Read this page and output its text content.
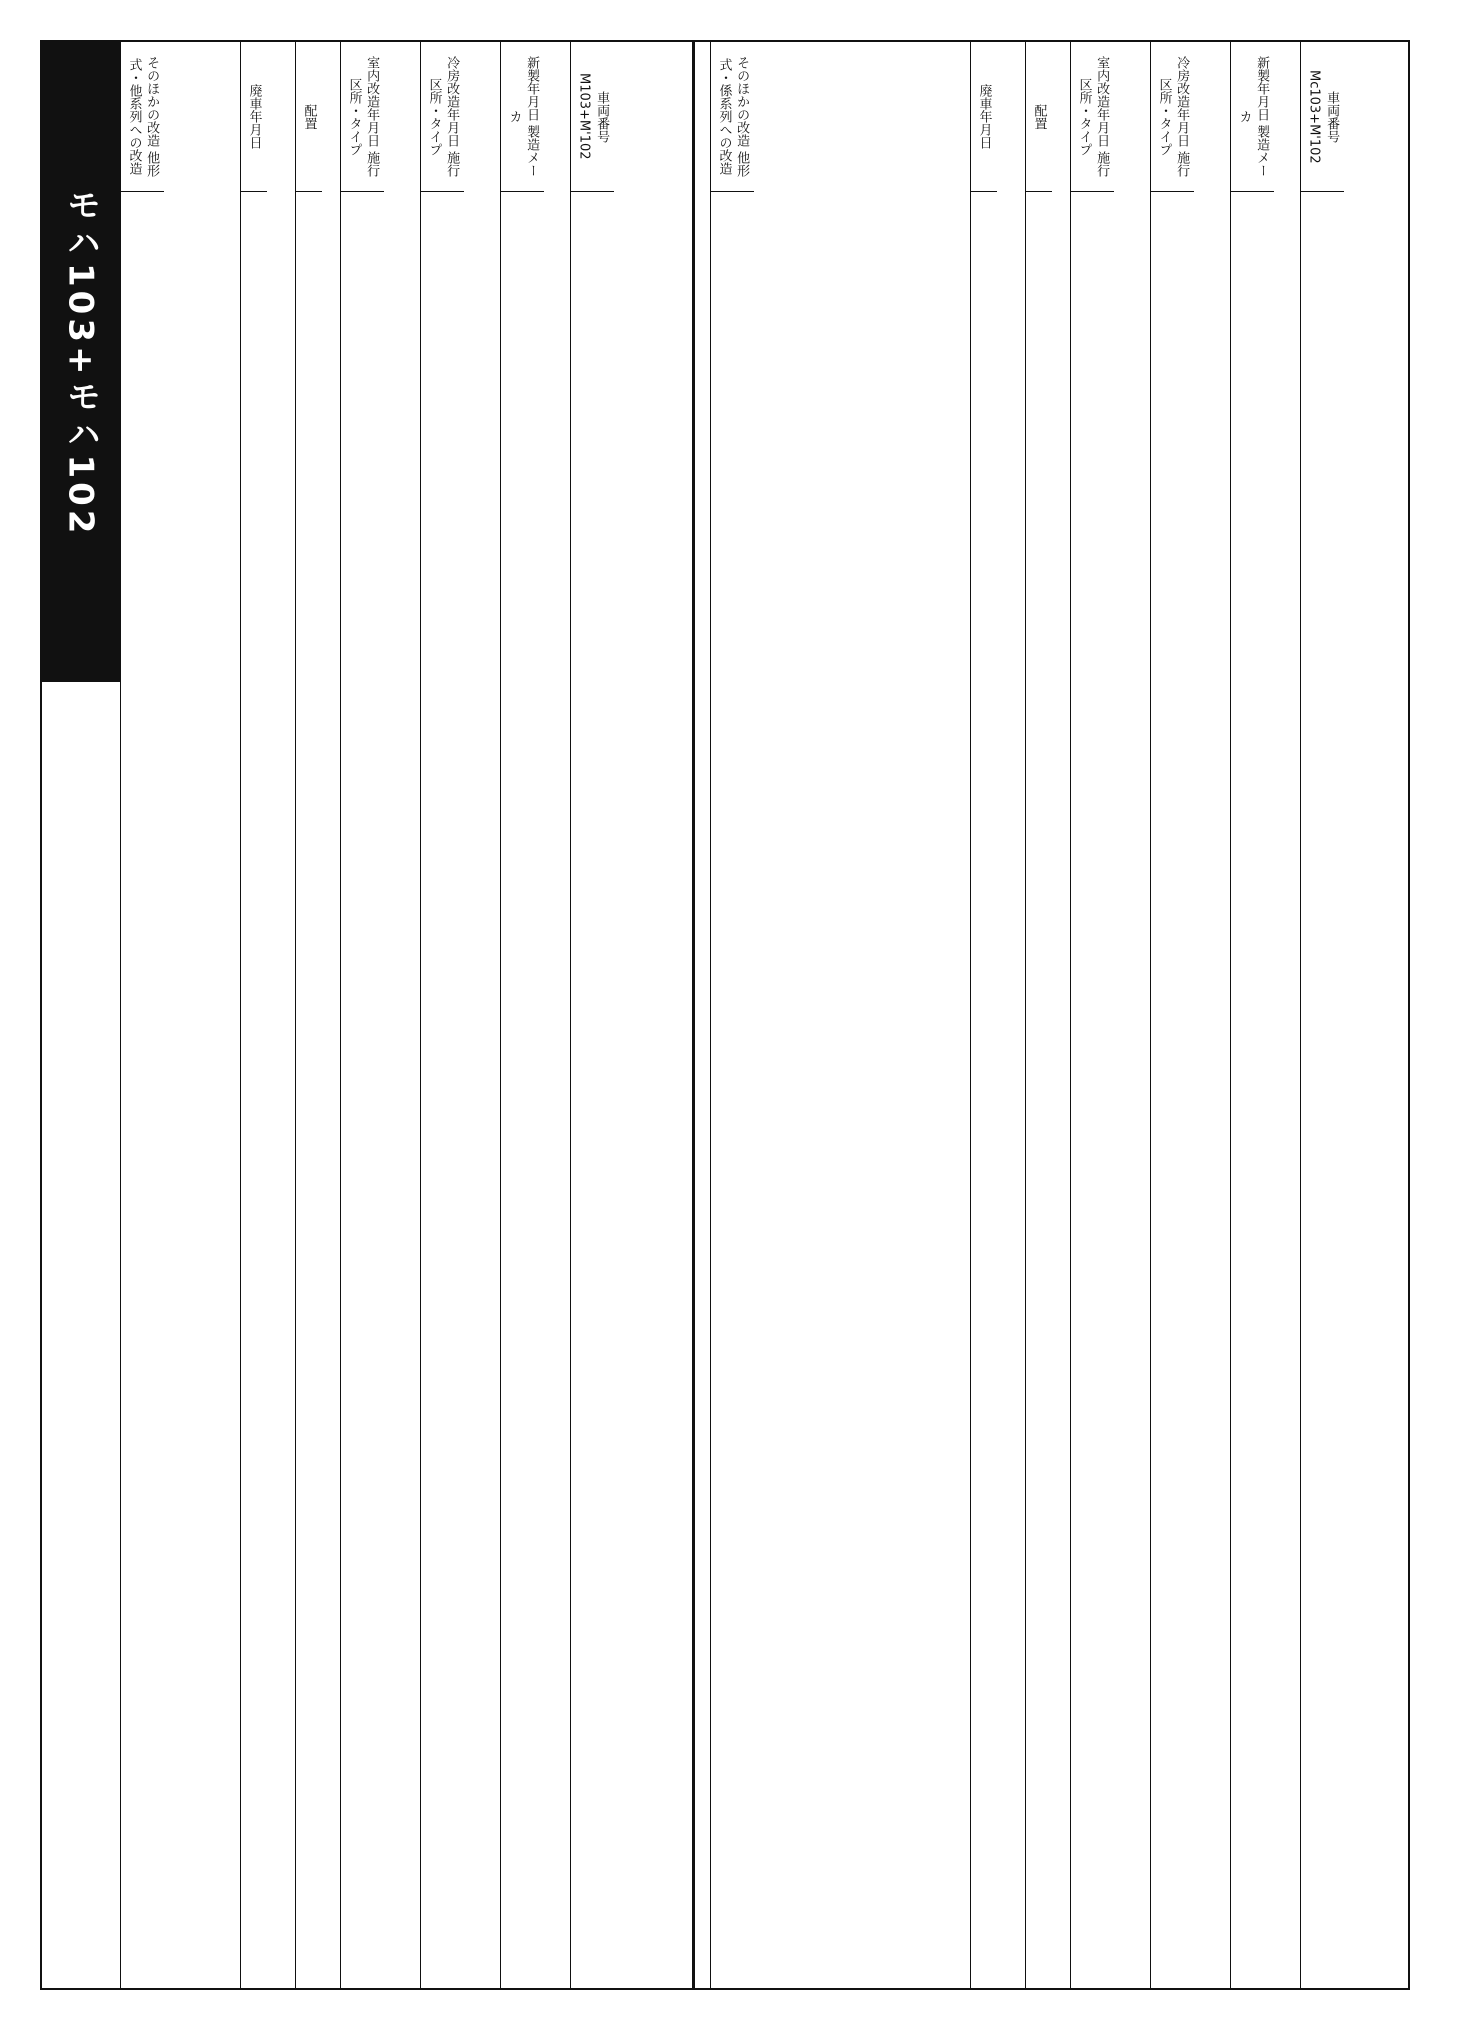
モハ103+モハ102
車両番号 M103+M'102
新製年月日 製造メーカ
冷房改造年月日 施行区所・タイプ
室内改造年月日 施行区所・タイプ
配置
廃車年月日
そのほかの改造 他形式・他系列への改造	車両番号 Mc103+M'102
新製年月日 製造メーカ
冷房改造年月日 施行区所・タイプ
室内改造年月日 施行区所・タイプ
配置
廃車年月日
そのほかの改造 他形式・係系列への改造
